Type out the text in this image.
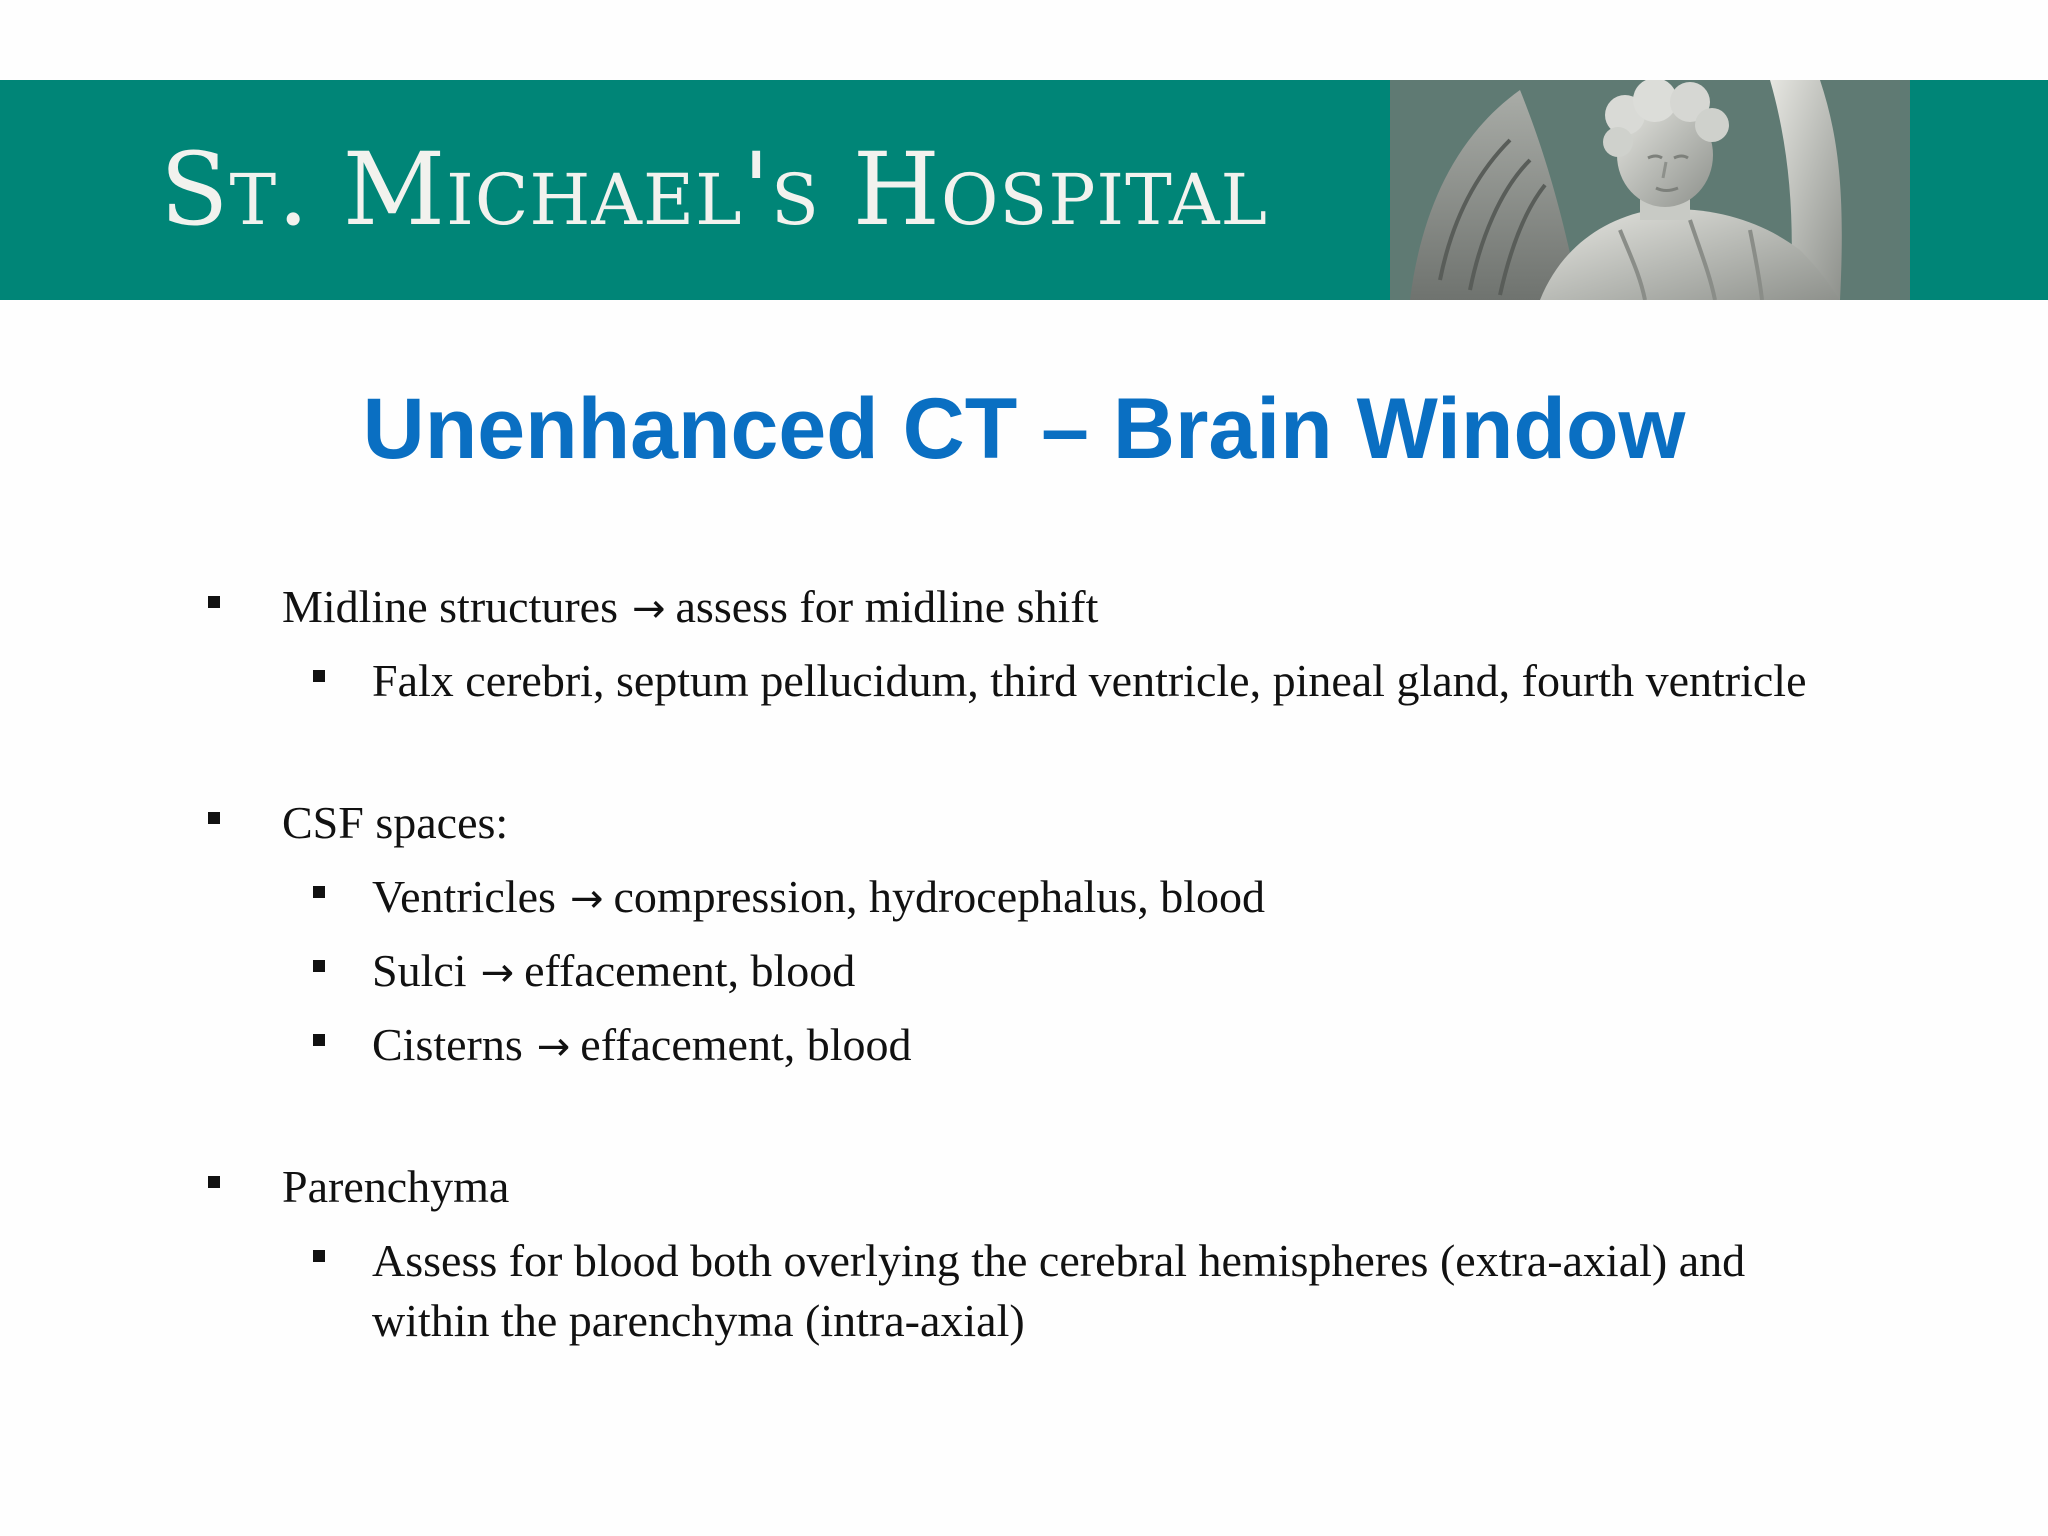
St. Michael's Hospital
Unenhanced CT – Brain Window
Midline structures → assess for midline shift
Falx cerebri, septum pellucidum, third ventricle, pineal gland, fourth ventricle
CSF spaces:
Ventricles → compression, hydrocephalus, blood
Sulci → effacement, blood
Cisterns → effacement, blood
Parenchyma
Assess for blood both overlying the cerebral hemispheres (extra-axial) and
within the parenchyma (intra-axial)
